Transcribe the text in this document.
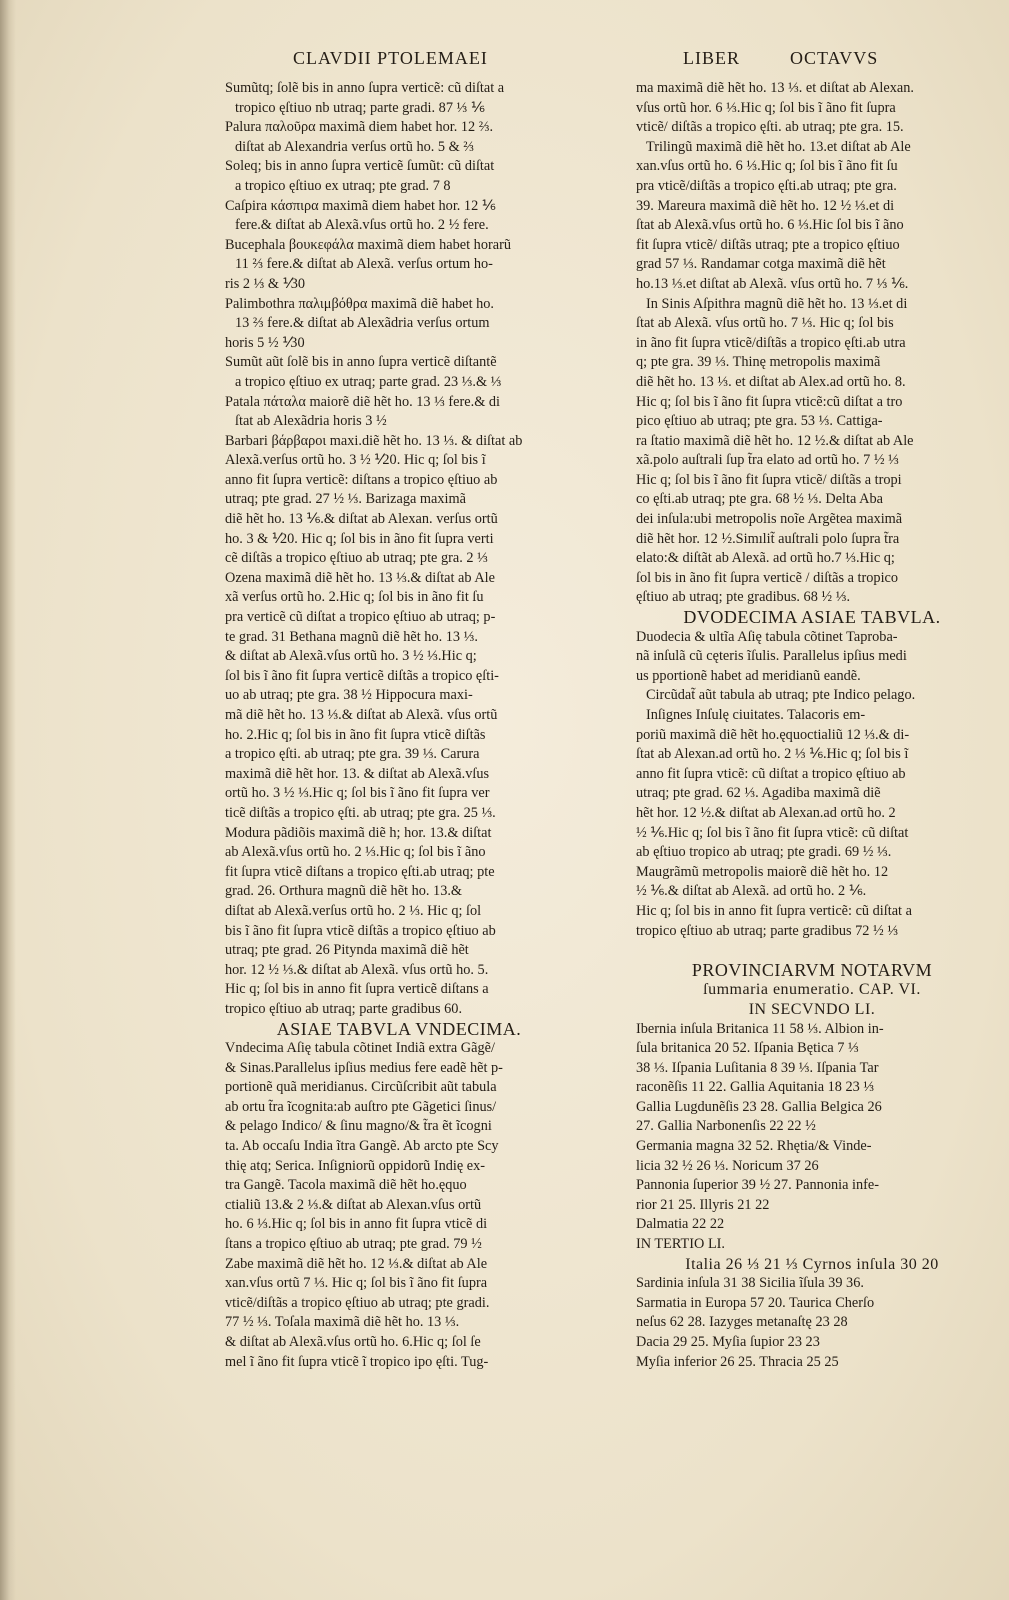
CLAVDII PTOLEMAEI	LIBER	OCTAVVS
Sumũtq; ſolẽ bis in anno ſupra verticẽ: cũ diſtat a
tropico ęſtiuo nb utraq; parte gradi. 87 ⅓ ⅙
Palura παλοῦρα maximã diem habet hor. 12 ⅔.
diſtat ab Alexandria verſus ortũ ho. 5 & ⅔
Soleq; bis in anno ſupra verticẽ ſumũt: cũ diſtat
a tropico ęſtiuo ex utraq; pte grad. 7 8
Caſpira κάσπιρα maximã diem habet hor. 12 ⅙
fere.& diſtat ab Alexã.vſus ortũ ho. 2 ½ fere.
Bucephala βουκεφάλα maximã diem habet horarũ
11 ⅔ fere.& diſtat ab Alexã. verſus ortum ho‑
ris 2 ⅓ & ⅟30
Palimbothra παλιμβόθρα maximã diẽ habet ho.
13 ⅔ fere.& diſtat ab Alexãdria verſus ortum
horis 5 ½ ⅟30
Sumũt aũt ſolẽ bis in anno ſupra verticẽ diſtantẽ
a tropico ęſtiuo ex utraq; parte grad. 23 ⅓.& ⅓
Patala πάταλα maiorẽ diẽ hẽt ho. 13 ⅓ fere.& di
ſtat ab Alexãdria horis 3 ½
Barbari βάρβαροι maxi.diẽ hẽt ho. 13 ⅓. & diſtat ab
Alexã.verſus ortũ ho. 3 ½ ⅟20. Hic q; ſol bis ĩ
anno fit ſupra verticẽ: diſtans a tropico ęſtiuo ab
utraq; pte grad. 27 ½ ⅓. Barizaga maximã
diẽ hẽt ho. 13 ⅙.& diſtat ab Alexan. verſus ortũ
ho. 3 & ⅟20. Hic q; ſol bis in ãno fit ſupra verti
cẽ diſtãs a tropico ęſtiuo ab utraq; pte gra. 2 ⅓
Ozena maximã diẽ hẽt ho. 13 ⅓.& diſtat ab Ale
xã verſus ortũ ho. 2.Hic q; ſol bis in ãno fit ſu
pra verticẽ cũ diſtat a tropico ęſtiuo ab utraq; p‑
te grad. 31 Bethana magnũ diẽ hẽt ho. 13 ⅓.
& diſtat ab Alexã.vſus ortũ ho. 3 ½ ⅓.Hic q;
ſol bis ĩ ãno fit ſupra verticẽ diſtãs a tropico ęſti‑
uo ab utraq; pte gra. 38 ½ Hippocura maxi‑
mã diẽ hẽt ho. 13 ⅓.& diſtat ab Alexã. vſus ortũ
ho. 2.Hic q; ſol bis in ãno fit ſupra vticẽ diſtãs
a tropico ęſti. ab utraq; pte gra. 39 ⅓. Carura
maximã diẽ hẽt hor. 13. & diſtat ab Alexã.vſus
ortũ ho. 3 ½ ⅓.Hic q; ſol bis ĩ ãno fit ſupra ver
ticẽ diſtãs a tropico ęſti. ab utraq; pte gra. 25 ⅓.
Modura pãdiõis maximã diẽ h; hor. 13.& diſtat
ab Alexã.vſus ortũ ho. 2 ⅓.Hic q; ſol bis ĩ ãno
fit ſupra vticẽ diſtans a tropico ęſti.ab utraq; pte
grad. 26. Orthura magnũ diẽ hẽt ho. 13.&
diſtat ab Alexã.verſus ortũ ho. 2 ⅓. Hic q; ſol
bis ĩ ãno fit ſupra vticẽ diſtãs a tropico ęſtiuo ab
utraq; pte grad. 26 Pitynda maximã diẽ hẽt
hor. 12 ½ ⅓.& diſtat ab Alexã. vſus ortũ ho. 5.
Hic q; ſol bis in anno fit ſupra verticẽ diſtans a
tropico ęſtiuo ab utraq; parte gradibus 60.
ASIAE TABVLA VNDECIMA.
Vndecima Aſię tabula cõtinet Indiã extra Gãgẽ/
& Sinas.Parallelus ipſius medius fere eadẽ hẽt p‑
portionẽ quã meridianus. Circũſcribit aũt tabula
ab ortu t̃ra ĩcognita:ab auſtro pte Gãgetici ſinus/
& pelago Indico/ & ſinu magno/& t̃ra ẽt ĩcogni
ta. Ab occaſu India ĩtra Gangẽ. Ab arcto pte Scy
thię atq; Serica. Inſigniorũ oppidorũ Indię ex‑
tra Gangẽ. Tacola maximã diẽ hẽt ho.ęquo
ctialiũ 13.& 2 ⅓.& diſtat ab Alexan.vſus ortũ
ho. 6 ⅓.Hic q; ſol bis in anno fit ſupra vticẽ di
ſtans a tropico ęſtiuo ab utraq; pte grad. 79 ½
Zabe maximã diẽ hẽt ho. 12 ⅓.& diſtat ab Ale
xan.vſus ortũ 7 ⅓. Hic q; ſol bis ĩ ãno fit ſupra
vticẽ/diſtãs a tropico ęſtiuo ab utraq; pte gradi.
77 ½ ⅓. Toſala maximã diẽ hẽt ho. 13 ⅓.
& diſtat ab Alexã.vſus ortũ ho. 6.Hic q; ſol ſe
mel ĩ ãno fit ſupra vticẽ ĩ tropico ipo ęſti. Tug‑
ma maximã diẽ hẽt ho. 13 ⅓. et diſtat ab Alexan.
vſus ortũ hor. 6 ⅓.Hic q; ſol bis ĩ ãno fit ſupra
vticẽ/ diſtãs a tropico ęſti. ab utraq; pte gra. 15.
Trilingũ maximã diẽ hẽt ho. 13.et diſtat ab Ale
xan.vſus ortũ ho. 6 ⅓.Hic q; ſol bis ĩ ãno fit ſu
pra vticẽ/diſtãs a tropico ęſti.ab utraq; pte gra.
39. Mareura maximã diẽ hẽt ho. 12 ½ ⅓.et di
ſtat ab Alexã.vſus ortũ ho. 6 ⅓.Hic ſol bis ĩ ãno
fit ſupra vticẽ/ diſtãs utraq; pte a tropico ęſtiuo
grad 57 ⅓. Randamar cotga maximã diẽ hẽt
ho.13 ⅓.et diſtat ab Alexã. vſus ortũ ho. 7 ⅓ ⅙.
In Sinis Aſpithra magnũ diẽ hẽt ho. 13 ⅓.et di
ſtat ab Alexã. vſus ortũ ho. 7 ⅓. Hic q; ſol bis
in ãno fit ſupra vticẽ/diſtãs a tropico ęſti.ab utra
q; pte gra. 39 ⅓. Thinę metropolis maximã
diẽ hẽt ho. 13 ⅓. et diſtat ab Alex.ad ortũ ho. 8.
Hic q; ſol bis ĩ ãno fit ſupra vticẽ:cũ diſtat a tro
pico ęſtiuo ab utraq; pte gra. 53 ⅓. Cattiga‑
ra ſtatio maximã diẽ hẽt ho. 12 ½.& diſtat ab Ale
xã.polo auſtrali ſup t̃ra elato ad ortũ ho. 7 ½ ⅓
Hic q; ſol bis ĩ ãno fit ſupra vticẽ/ diſtãs a tropi
co ęſti.ab utraq; pte gra. 68 ½ ⅓. Delta Aba
dei inſula:ubi metropolis noĩe Argẽtea maximã
diẽ hẽt hor. 12 ½.Simılit̃ auſtrali polo ſupra t̃ra
elato:& diſtãt ab Alexã. ad ortũ ho.7 ⅓.Hic q;
ſol bis in ãno fit ſupra verticẽ / diſtãs a tropico
ęſtiuo ab utraq; pte gradibus. 68 ½ ⅓.
DVODECIMA ASIAE TABVLA.
Duodecia & ultĩa Aſię tabula cõtinet Taproba‑
nã inſulã cũ cęteris ĩſulis. Parallelus ipſius medi
us pportionẽ habet ad meridianũ eandẽ.
Circũdat̃ aũt tabula ab utraq; pte Indico pelago.
Inſignes Inſulę ciuitates. Talacoris em‑
poriũ maximã diẽ hẽt ho.ęquoctialiũ 12 ⅓.& di‑
ſtat ab Alexan.ad ortũ ho. 2 ⅓ ⅙.Hic q; ſol bis ĩ
anno fit ſupra vticẽ: cũ diſtat a tropico ęſtiuo ab
utraq; pte grad. 62 ⅓. Agadiba maximã diẽ
hẽt hor. 12 ½.& diſtat ab Alexan.ad ortũ ho. 2
½ ⅙.Hic q; ſol bis ĩ ãno fit ſupra vticẽ: cũ diſtat
ab ęſtiuo tropico ab utraq; pte gradi. 69 ½ ⅓.
Maugrãmũ metropolis maiorẽ diẽ hẽt ho. 12
½ ⅙.& diſtat ab Alexã. ad ortũ ho. 2 ⅙.
Hic q; ſol bis in anno fit ſupra verticẽ: cũ diſtat a
tropico ęſtiuo ab utraq; parte gradibus 72 ½ ⅓
PROVINCIARVM NOTARVM
ſummaria enumeratio. CAP. VI.
IN SECVNDO LI.
Ibernia inſula Britanica 11 58 ⅓. Albion in‑
ſula britanica 20 52. Iſpania Bętica 7 ⅓
38 ⅓. Iſpania Luſitania 8 39 ⅓. Iſpania Tar
raconẽſis 11 22. Gallia Aquitania 18 23 ⅓
Gallia Lugdunẽſis 23 28. Gallia Belgica 26
27. Gallia Narbonenſis 22 22 ½
Germania magna 32 52. Rhętia/& Vinde‑
licia 32 ½ 26 ⅓. Noricum 37 26
Pannonia ſuperior 39 ½ 27. Pannonia infe‑
rior 21 25. Illyris 21 22
Dalmatia 22 22
IN TERTIO LI.
Italia 26 ⅓ 21 ⅓ Cyrnos inſula 30 20
Sardinia inſula 31 38 Sicilia ĩſula 39 36.
Sarmatia in Europa 57 20. Taurica Cherſo
neſus 62 28. Iazyges metanaſtę 23 28
Dacia 29 25. Myſia ſupior 23 23
Myſia inferior 26 25. Thracia 25 25
